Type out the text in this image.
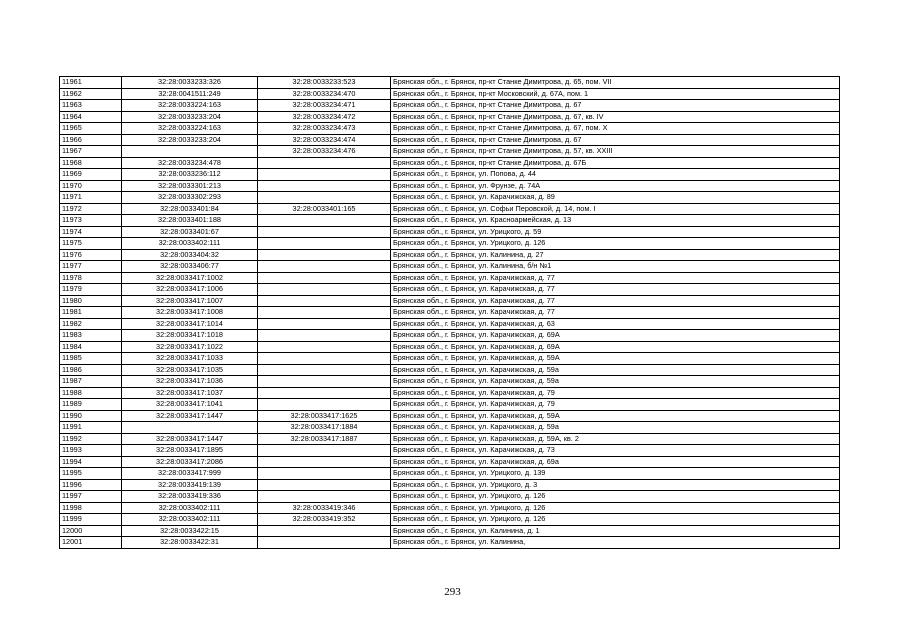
11961	32:28:0033233:326	32:28:0033233:523	Брянская обл., г. Брянск, пр-кт Станке Димитрова, д. 65, пом. VII
11962	32:28:0041511:249	32:28:0033234:470	Брянская обл., г. Брянск, пр-кт Московский, д. 67А, пом. 1
11963	32:28:0033224:163	32:28:0033234:471	Брянская обл., г. Брянск, пр-кт Станке Димитрова, д. 67
11964	32:28:0033233:204	32:28:0033234:472	Брянская обл., г. Брянск, пр-кт Станке Димитрова, д. 67, кв. IV
11965	32:28:0033224:163	32:28:0033234:473	Брянская обл., г. Брянск, пр-кт Станке Димитрова, д. 67, пом. X
11966	32:28:0033233:204	32:28:0033234:474	Брянская обл., г. Брянск, пр-кт Станке Димитрова, д. 67
11967		32:28:0033234:476	Брянская обл., г. Брянск, пр-кт Станке Димитрова, д. 57, кв. XXIII
11968	32:28:0033234:478		Брянская обл., г. Брянск, пр-кт Станке Димитрова, д. 67Б
11969	32:28:0033236:112		Брянская обл., г. Брянск, ул. Попова, д. 44
11970	32:28:0033301:213		Брянская обл., г. Брянск, ул. Фрунзе, д. 74А
11971	32:28:0033302:293		Брянская обл., г. Брянск, ул. Карачижская, д. 89
11972	32:28:0033401:84	32:28:0033401:165	Брянская обл., г. Брянск, ул. Софьи Перовской, д. 14, пом. I
11973	32:28:0033401:188		Брянская обл., г. Брянск, ул. Красноармейская, д. 13
11974	32:28:0033401:67		Брянская обл., г. Брянск, ул. Урицкого, д. 59
11975	32:28:0033402:111		Брянская обл., г. Брянск, ул. Урицкого, д. 126
11976	32:28:0033404:32		Брянская обл., г. Брянск, ул. Калинина, д. 27
11977	32:28:0033406:77		Брянская обл., г. Брянск, ул. Калинина, б/н №1
11978	32:28:0033417:1002		Брянская обл., г. Брянск, ул. Карачижская, д. 77
11979	32:28:0033417:1006		Брянская обл., г. Брянск, ул. Карачижская, д. 77
11980	32:28:0033417:1007		Брянская обл., г. Брянск, ул. Карачижская, д. 77
11981	32:28:0033417:1008		Брянская обл., г. Брянск, ул. Карачижская, д. 77
11982	32:28:0033417:1014		Брянская обл., г. Брянск, ул. Карачижская, д. 63
11983	32:28:0033417:1018		Брянская обл., г. Брянск, ул. Карачижская, д. 69А
11984	32:28:0033417:1022		Брянская обл., г. Брянск, ул. Карачижская, д. 69А
11985	32:28:0033417:1033		Брянская обл., г. Брянск, ул. Карачижская, д. 59А
11986	32:28:0033417:1035		Брянская обл., г. Брянск, ул. Карачижская, д. 59а
11987	32:28:0033417:1036		Брянская обл., г. Брянск, ул. Карачижская, д. 59а
11988	32:28:0033417:1037		Брянская обл., г. Брянск, ул. Карачижская, д. 79
11989	32:28:0033417:1041		Брянская обл., г. Брянск, ул. Карачижская, д. 79
11990	32:28:0033417:1447	32:28:0033417:1625	Брянская обл., г. Брянск, ул. Карачижская, д. 59А
11991		32:28:0033417:1884	Брянская обл., г. Брянск, ул. Карачижская, д. 59а
11992	32:28:0033417:1447	32:28:0033417:1887	Брянская обл., г. Брянск, ул. Карачижская, д. 59А, кв. 2
11993	32:28:0033417:1895		Брянская обл., г. Брянск, ул. Карачижская, д. 73
11994	32:28:0033417:2086		Брянская обл., г. Брянск, ул. Карачижская, д. 69а
11995	32:28:0033417:999		Брянская обл., г. Брянск, ул. Урицкого, д. 139
11996	32:28:0033419:139		Брянская обл., г. Брянск, ул. Урицкого, д. 3
11997	32:28:0033419:336		Брянская обл., г. Брянск, ул. Урицкого, д. 126
11998	32:28:0033402:111	32:28:0033419:346	Брянская обл., г. Брянск, ул. Урицкого, д. 126
11999	32:28:0033402:111	32:28:0033419:352	Брянская обл., г. Брянск, ул. Урицкого, д. 126
12000	32:28:0033422:15		Брянская обл., г. Брянск, ул. Калинина, д. 1
12001	32:28:0033422:31		Брянская обл., г. Брянск, ул. Калинина,
293
